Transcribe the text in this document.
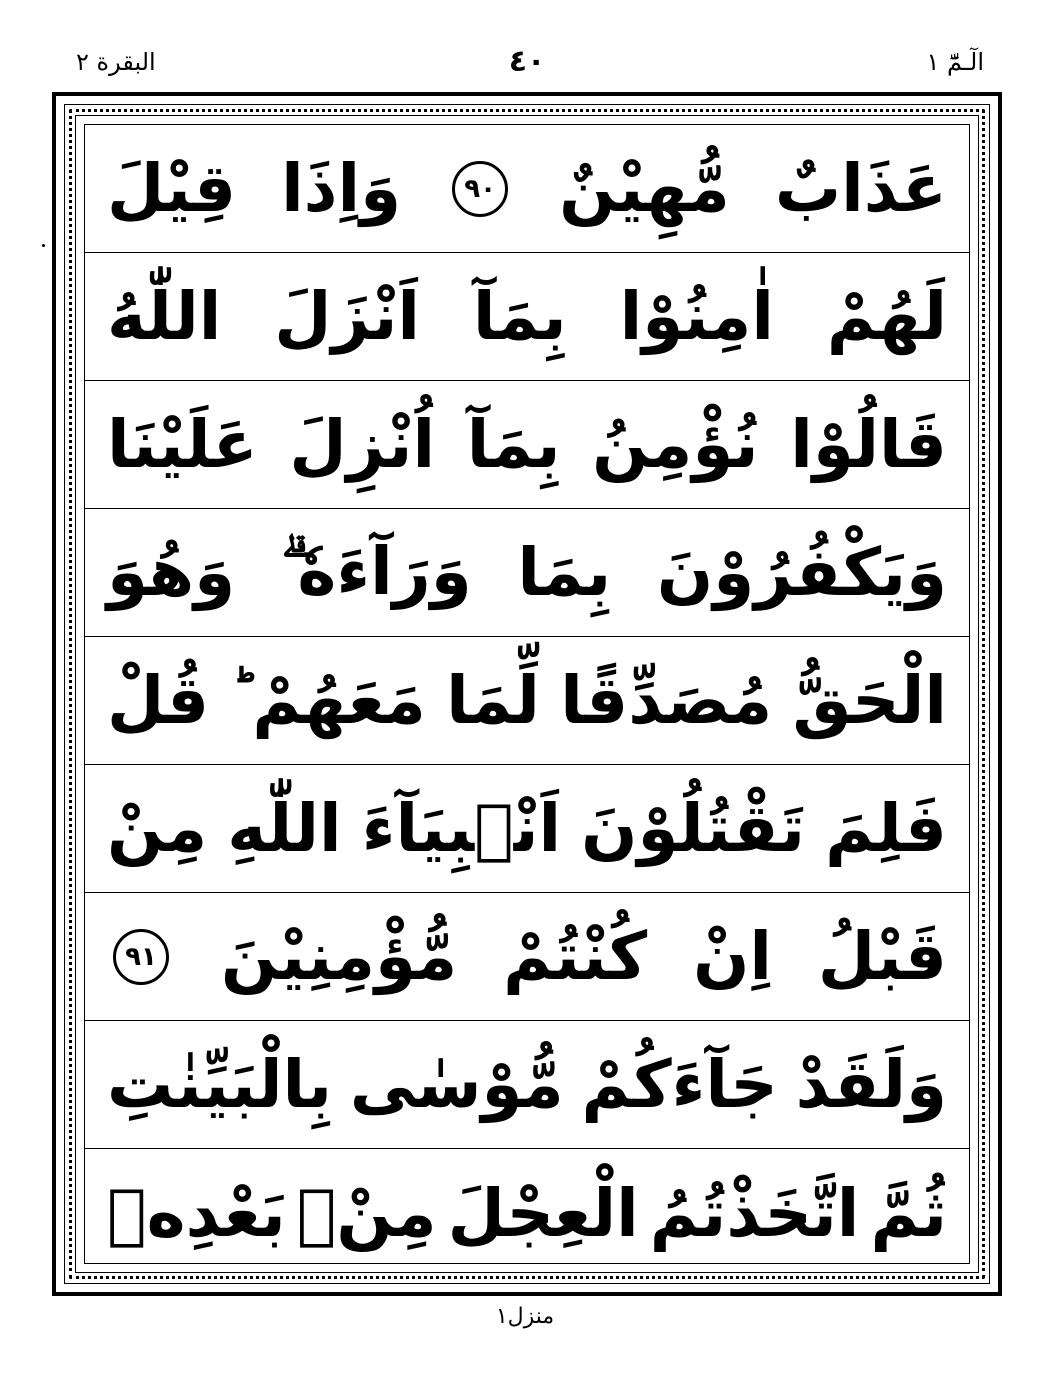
البقرة ٢	٤٠	الٓـمّٓ ١
عَذَابٌ
مُّهِيْنٌ
٩٠
وَاِذَا
قِيْلَ
لَهُمْ
اٰمِنُوْا
بِمَآ
اَنْزَلَ
اللّٰهُ
قَالُوْا
نُؤْمِنُ
بِمَآ
اُنْزِلَ
عَلَيْنَا
وَيَكْفُرُوْنَ
بِمَا
وَرَآءَهٗ ۗ
وَهُوَ
الْحَقُّ
مُصَدِّقًا
لِّمَا
مَعَهُمْ ؕ
قُلْ
فَلِمَ
تَقْتُلُوْنَ
اَنْۢبِيَآءَ
اللّٰهِ
مِنْ
قَبْلُ
اِنْ
كُنْتُمْ
مُّؤْمِنِيْنَ
٩١
وَلَقَدْ
جَآءَكُمْ
مُّوْسٰى
بِالْبَيِّنٰتِ
ثُمَّ
اتَّخَذْتُمُ
الْعِجْلَ
مِنْۢ
بَعْدِهٖ
منزل١
